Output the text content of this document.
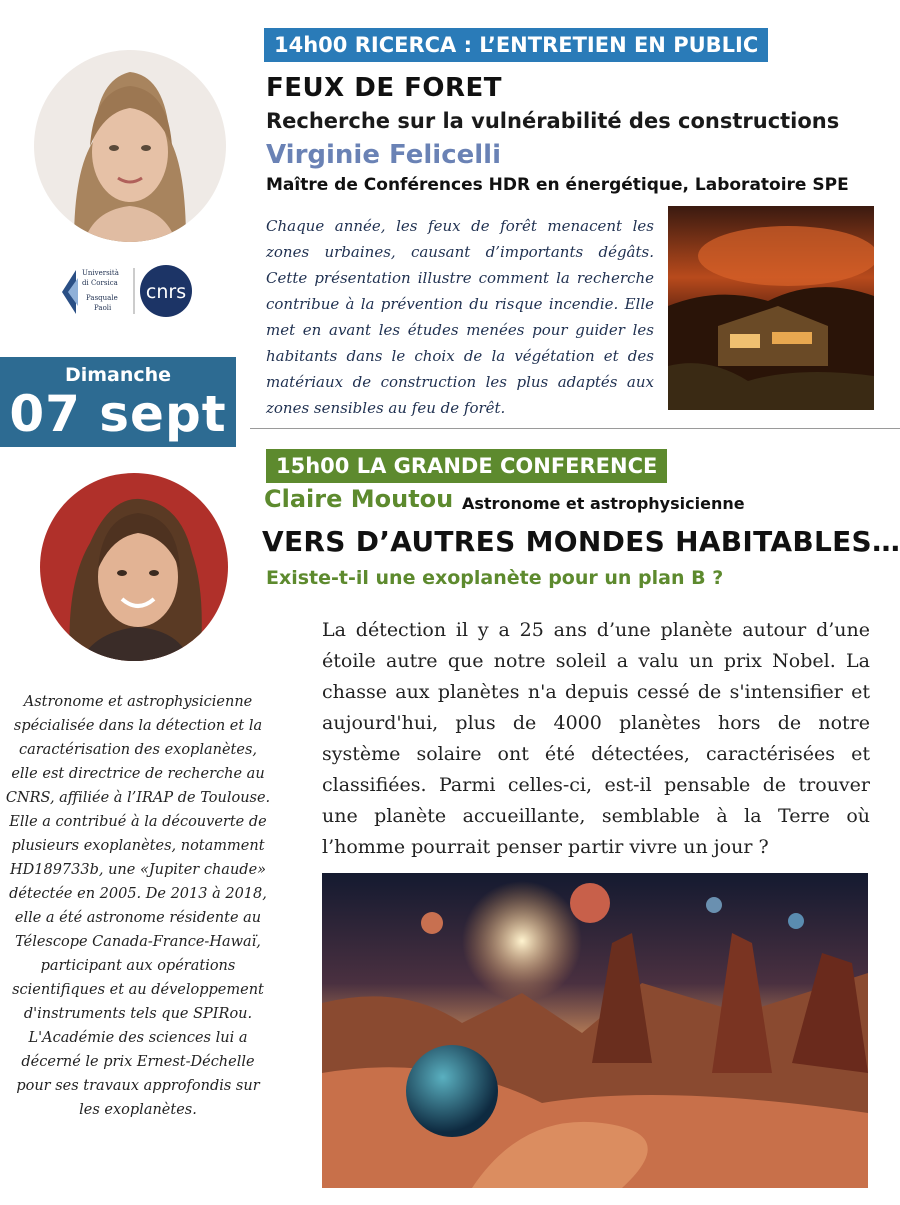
14h00 RICERCA : L’ENTRETIEN EN PUBLIC
FEUX DE FORET
Recherche sur la vulnérabilité des constructions
Virginie Felicelli
Maître de Conférences HDR en énergétique, Laboratoire SPE
Chaque année, les feux de forêt menacent les zones urbaines, causant d’importants dégâts. Cette présentation illustre comment la recherche contribue à la prévention du risque incendie. Elle met en avant les études menées pour guider les habitants dans le choix de la végétation et des matériaux de construction les plus adaptés aux zones sensibles au feu de forêt.
Università
di Corsica
Pasquale
Paoli
cnrs
Dimanche
07 sept
15h00 LA GRANDE CONFERENCE
Claire Moutou Astronome et astrophysicienne
VERS D’AUTRES MONDES HABITABLES…
Existe-t-il une exoplanète pour un plan B ?
La détection il y a 25 ans d’une planète autour d’une étoile autre que notre soleil a valu un prix Nobel. La chasse aux planètes n'a depuis cessé de s'intensifier et aujourd'hui, plus de 4000 planètes hors de notre système solaire ont été détectées, caractérisées et classifiées. Parmi celles-ci, est-il pensable de trouver une planète accueillante, semblable à la Terre où l’homme pourrait penser partir vivre un jour ?
Astronome et astrophysicienne spécialisée dans la détection et la caractérisation des exoplanètes, elle est directrice de recherche au CNRS, affiliée à l’IRAP de Toulouse. Elle a contribué à la découverte de plusieurs exoplanètes, notamment HD189733b, une «Jupiter chaude» détectée en 2005. De 2013 à 2018, elle a été astronome résidente au Télescope Canada-France-Hawaï, participant aux opérations scientifiques et au développement d'instruments tels que SPIRou. L'Académie des sciences lui a décerné le prix Ernest-Déchelle pour ses travaux approfondis sur les exoplanètes.
